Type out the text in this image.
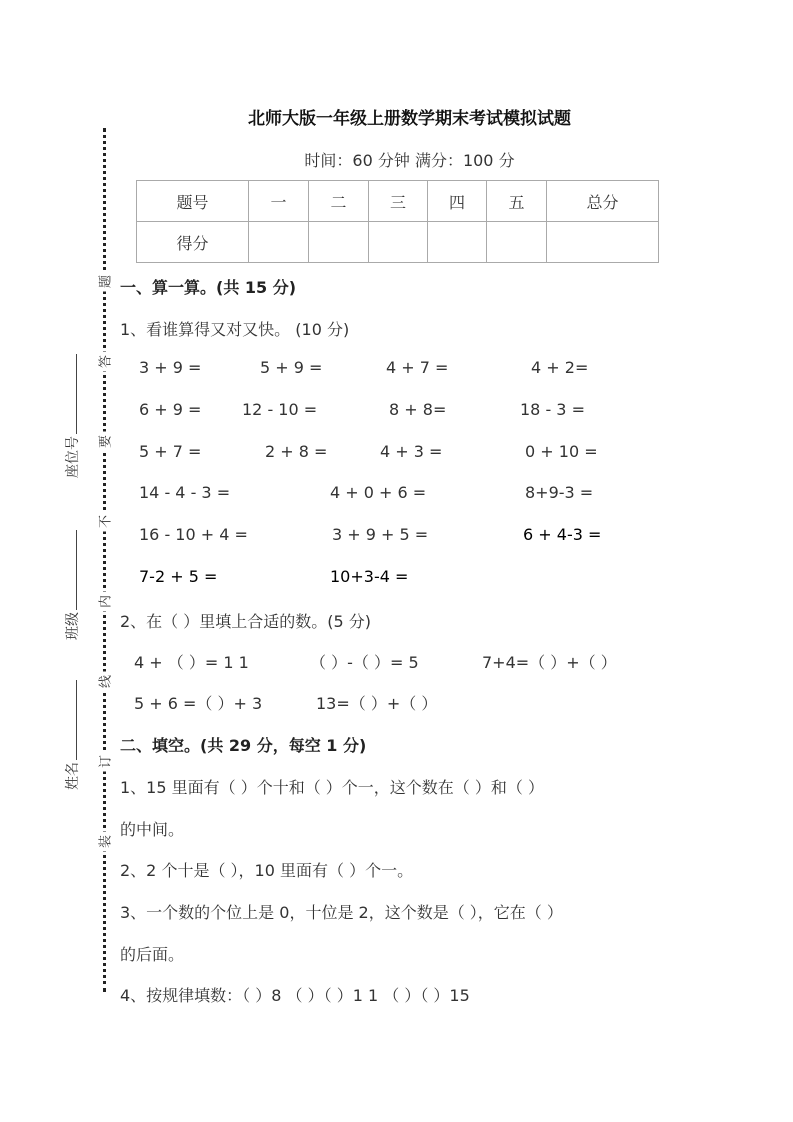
北师大版一年级上册数学期末考试模拟试题
时间：60 分钟 满分：100 分
题号	一	二	三	四	五	总分
得分						
题
答
要
不
内
线
订
装
座位号
班级
姓名
一、算一算。(共 15 分)
1、看谁算得又对又快。 (10 分)
3 + 9 =	5 + 9 =	4 + 7 =	4 + 2=
6 + 9 =	12 - 10 =	8 + 8=	18 - 3 =
5 + 7 =	2 + 8 =	4 + 3 =	0 + 10 =
14 - 4 - 3 =	4 + 0 + 6 =	8+9-3 =
16 - 10 + 4 =	3 + 9 + 5 =	6 + 4-3 =
7-2 + 5 =	10+3-4 =
2、在（ ）里填上合适的数。(5 分)
4 + （ ）= 1 1	（ ）-（ ）= 5	7+4=（ ）+（ ）
5 + 6 =（ ）+ 3	13=（ ）+（ ）
二、填空。(共 29 分，每空 1 分)
1、15 里面有（ ）个十和（ ）个一，这个数在（ ）和（ ）
的中间。
2、2 个十是（ ），10 里面有（ ）个一。
3、一个数的个位上是 0，十位是 2，这个数是（ ），它在（ ）
的后面。
4、按规律填数：（ ）8 （ ）（ ）1 1 （ ）（ ）15
